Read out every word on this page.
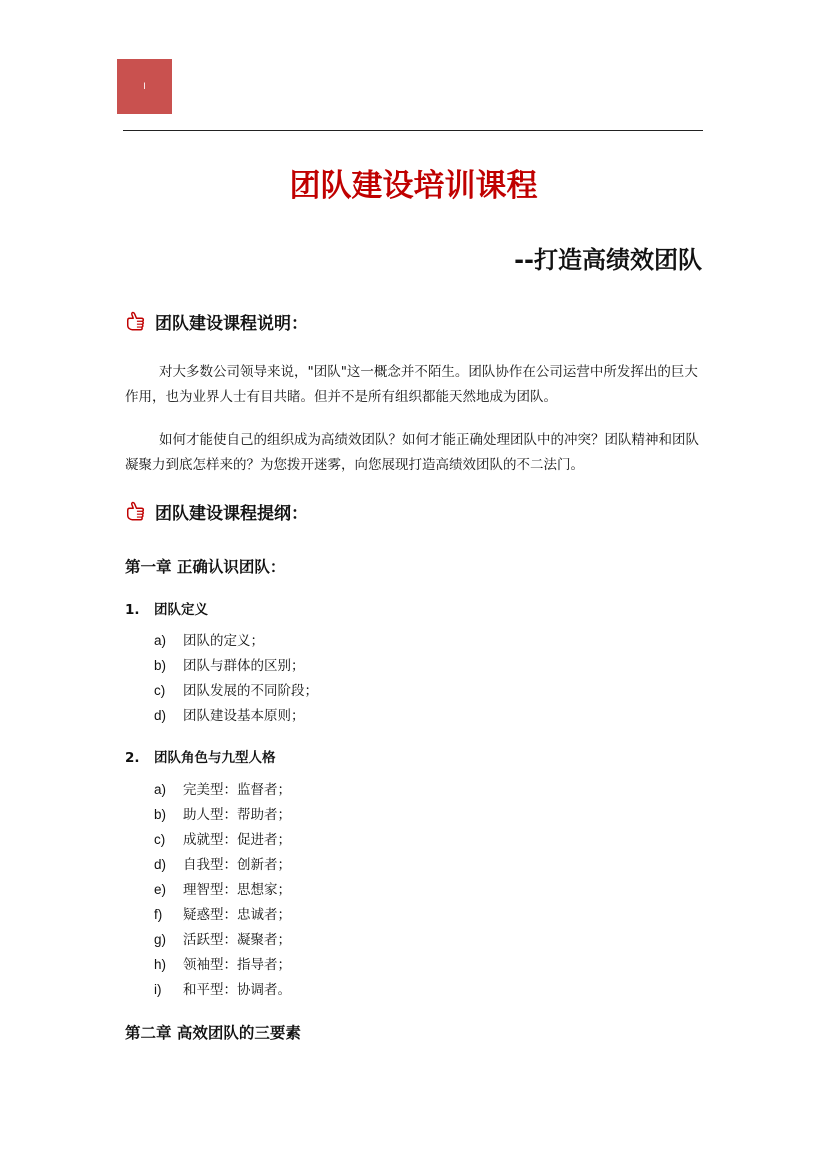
I
团队建设培训课程
--打造高绩效团队
团队建设课程说明：

对大多数公司领导来说，"团队"这一概念并不陌生。团队协作在公司运营中所发挥出的巨大作用，也为业界人士有目共睹。但并不是所有组织都能天然地成为团队。

如何才能使自己的组织成为高绩效团队？如何才能正确处理团队中的冲突？团队精神和团队凝聚力到底怎样来的？为您拨开迷雾，向您展现打造高绩效团队的不二法门。

团队建设课程提纲：
第一章 正确认识团队：
1. 团队定义
a) 团队的定义；
b) 团队与群体的区别；
c) 团队发展的不同阶段；
d) 团队建设基本原则；
2. 团队角色与九型人格
a) 完美型：监督者；
b) 助人型：帮助者；
c) 成就型：促进者；
d) 自我型：创新者；
e) 理智型：思想家；
f) 疑惑型：忠诚者；
g) 活跃型：凝聚者；
h) 领袖型：指导者；
i) 和平型：协调者。
第二章 高效团队的三要素
